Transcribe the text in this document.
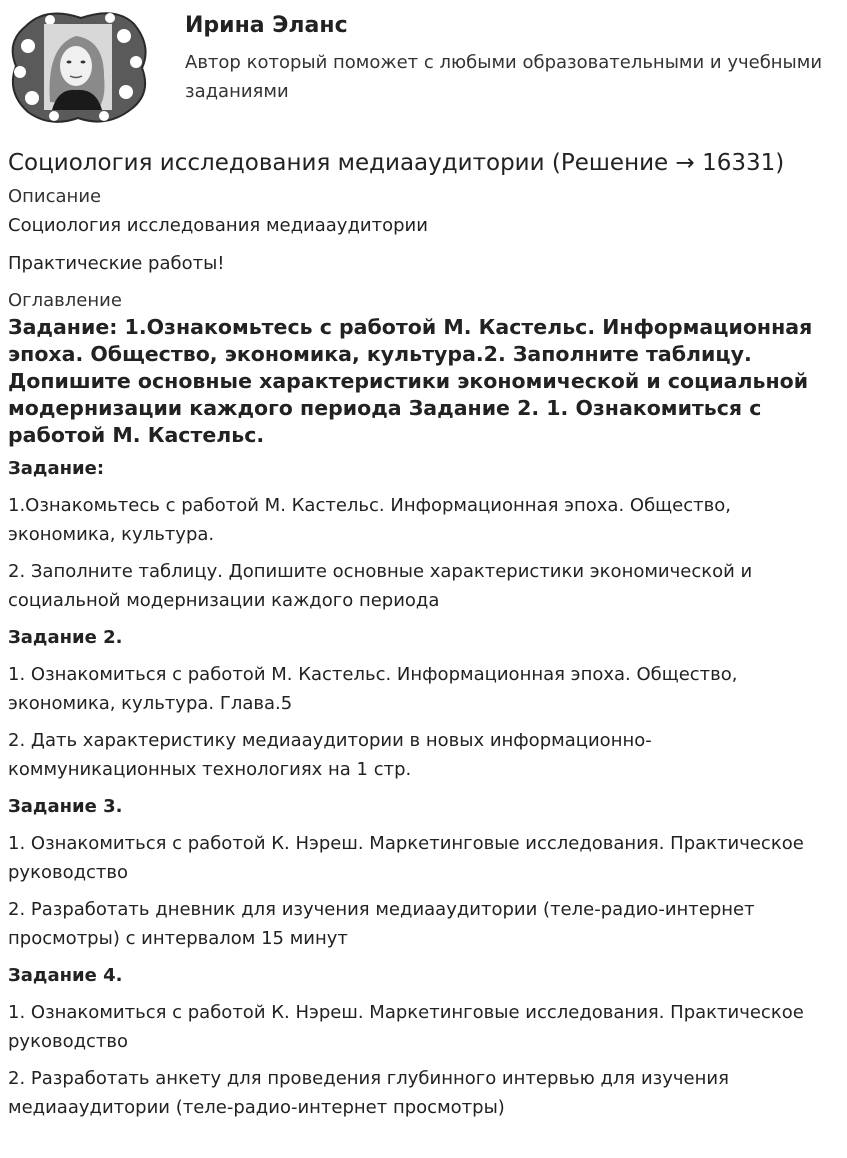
Ирина Эланс

Автор который поможет с любыми образовательными и учебными заданиями

Социология исследования медиааудитории (Решение → 16331)
Описание

Социология исследования медиааудитории

Практические работы!

Оглавление
Задание: 1.Ознакомьтесь с работой М. Кастельс. Информационная эпоха. Общество, экономика, культура.2. Заполните таблицу. Допишите основные характеристики экономической и социальной модернизации каждого периода Задание 2. 1. Ознакомиться с работой М. Кастельс.
Задание:

1.Ознакомьтесь с работой М. Кастельс. Информационная эпоха. Общество, экономика, культура.

2. Заполните таблицу. Допишите основные характеристики экономической и социальной модернизации каждого периода

Задание 2.

1. Ознакомиться с работой М. Кастельс. Информационная эпоха. Общество, экономика, культура. Глава.5

2. Дать характеристику медиааудитории в новых информационно-коммуникационных технологиях на 1 стр.

Задание 3.

1. Ознакомиться с работой К. Нэреш. Маркетинговые исследования. Практическое руководство

2. Разработать дневник для изучения медиааудитории (теле-радио-интернет просмотры) с интервалом 15 минут

Задание 4.

1. Ознакомиться с работой К. Нэреш. Маркетинговые исследования. Практическое руководство

2. Разработать анкету для проведения глубинного интервью для изучения медиааудитории (теле-радио-интернет просмотры)
